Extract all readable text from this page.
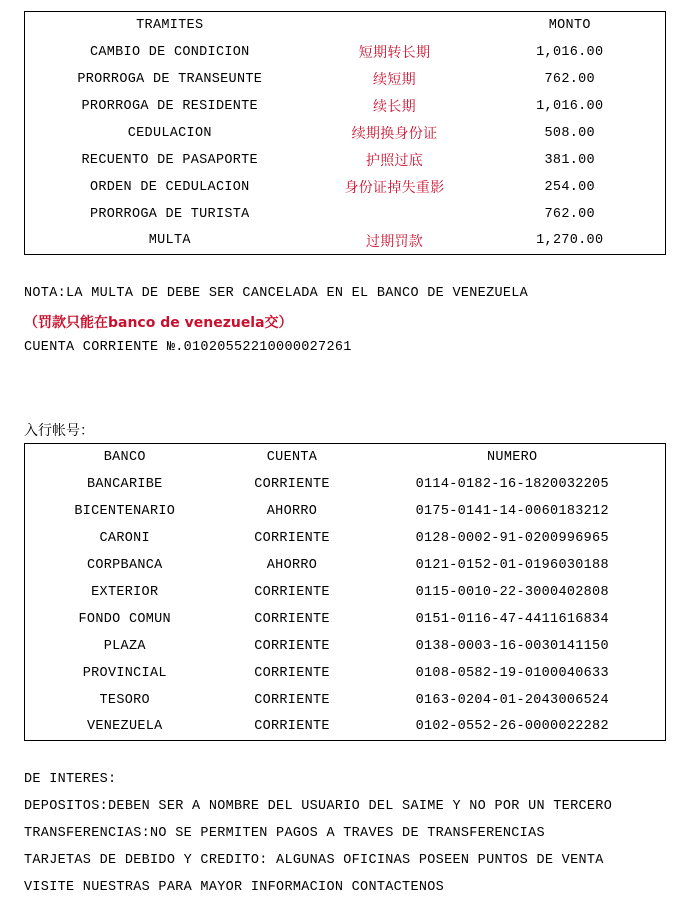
TRAMITES		MONTO
CAMBIO DE CONDICION	短期转长期	1,016.00
PRORROGA DE TRANSEUNTE	续短期	762.00
PRORROGA DE RESIDENTE	续长期	1,016.00
CEDULACION	续期换身份证	508.00
RECUENTO DE PASAPORTE	护照过底	381.00
ORDEN DE CEDULACION	身份证掉失重影	254.00
PRORROGA DE TURISTA		762.00
MULTA	过期罚款	1,270.00
NOTA:LA MULTA DE DEBE SER CANCELADA EN EL BANCO DE VENEZUELA
（罚款只能在banco de venezuela交）
CUENTA CORRIENTE №.01020552210000027261
入行帐号：
BANCO	CUENTA	NUMERO
BANCARIBE	CORRIENTE	0114-0182-16-1820032205
BICENTENARIO	AHORRO	0175-0141-14-0060183212
CARONI	CORRIENTE	0128-0002-91-0200996965
CORPBANCA	AHORRO	0121-0152-01-0196030188
EXTERIOR	CORRIENTE	0115-0010-22-3000402808
FONDO COMUN	CORRIENTE	0151-0116-47-4411616834
PLAZA	CORRIENTE	0138-0003-16-0030141150
PROVINCIAL	CORRIENTE	0108-0582-19-0100040633
TESORO	CORRIENTE	0163-0204-01-2043006524
VENEZUELA	CORRIENTE	0102-0552-26-0000022282
DE INTERES:
DEPOSITOS:DEBEN SER A NOMBRE DEL USUARIO DEL SAIME Y NO POR UN TERCERO
TRANSFERENCIAS:NO SE PERMITEN PAGOS A TRAVES DE TRANSFERENCIAS
TARJETAS DE DEBIDO Y CREDITO: ALGUNAS OFICINAS POSEEN PUNTOS DE VENTA
VISITE NUESTRAS PARA MAYOR INFORMACION CONTACTENOS
